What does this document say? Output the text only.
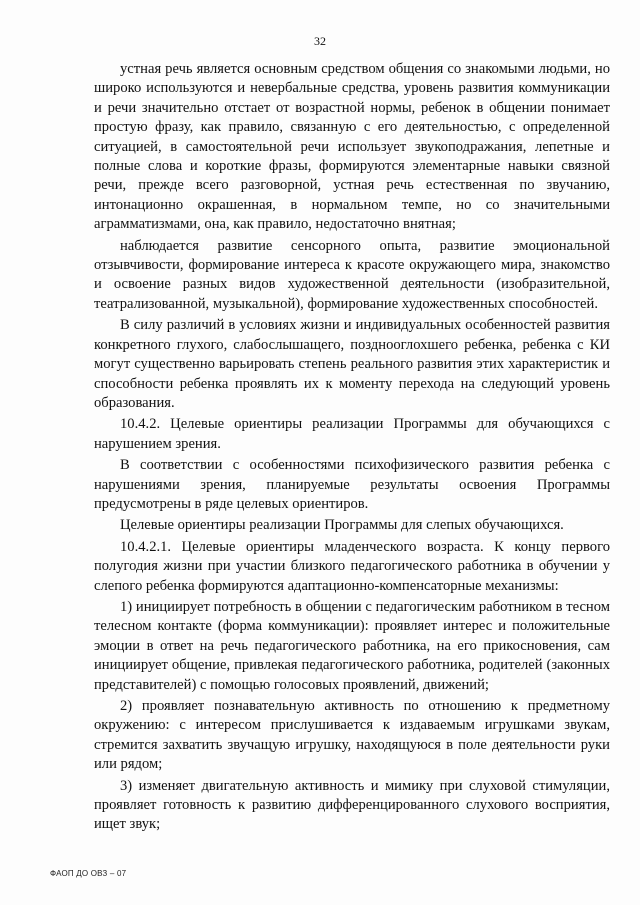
32

устная речь является основным средством общения со знакомыми людьми, но широко используются и невербальные средства, уровень развития коммуникации и речи значительно отстает от возрастной нормы, ребенок в общении понимает простую фразу, как правило, связанную с его деятельностью, с определенной ситуацией, в самостоятельной речи использует звукоподражания, лепетные и полные слова и короткие фразы, формируются элементарные навыки связной речи, прежде всего разговорной, устная речь естественная по звучанию, интонационно окрашенная, в нормальном темпе, но со значительными аграмматизмами, она, как правило, недостаточно внятная;

наблюдается развитие сенсорного опыта, развитие эмоциональной отзывчивости, формирование интереса к красоте окружающего мира, знакомство и освоение разных видов художественной деятельности (изобразительной, театрализованной, музыкальной), формирование художественных способностей.

В силу различий в условиях жизни и индивидуальных особенностей развития конкретного глухого, слабослышащего, позднооглохшего ребенка, ребенка с КИ могут существенно варьировать степень реального развития этих характеристик и способности ребенка проявлять их к моменту перехода на следующий уровень образования.

10.4.2. Целевые ориентиры реализации Программы для обучающихся с нарушением зрения.

В соответствии с особенностями психофизического развития ребенка с нарушениями зрения, планируемые результаты освоения Программы предусмотрены в ряде целевых ориентиров.

Целевые ориентиры реализации Программы для слепых обучающихся.

10.4.2.1. Целевые ориентиры младенческого возраста. К концу первого полугодия жизни при участии близкого педагогического работника в обучении у слепого ребенка формируются адаптационно-компенсаторные механизмы:

1) инициирует потребность в общении с педагогическим работником в тесном телесном контакте (форма коммуникации): проявляет интерес и положительные эмоции в ответ на речь педагогического работника, на его прикосновения, сам инициирует общение, привлекая педагогического работника, родителей (законных представителей) с помощью голосовых проявлений, движений;

2) проявляет познавательную активность по отношению к предметному окружению: с интересом прислушивается к издаваемым игрушками звукам, стремится захватить звучащую игрушку, находящуюся в поле деятельности руки или рядом;

3) изменяет двигательную активность и мимику при слуховой стимуляции, проявляет готовность к развитию дифференцированного слухового восприятия, ищет звук;

ФАОП ДО ОВЗ – 07
